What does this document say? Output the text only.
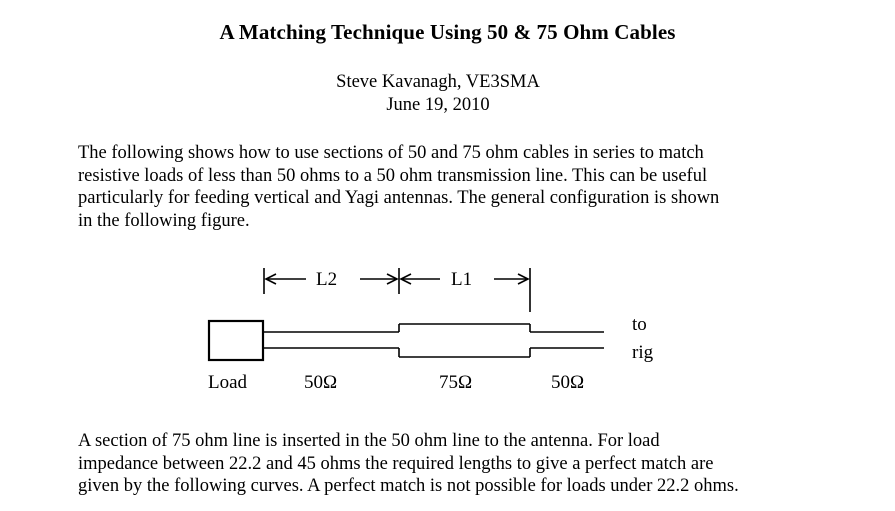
A Matching Technique Using 50 & 75 Ohm Cables
Steve Kavanagh, VE3SMA
June 19, 2010
The following shows how to use sections of 50 and 75 ohm cables in series to match
resistive loads of less than 50 ohms to a 50 ohm transmission line. This can be useful
particularly for feeding vertical and Yagi antennas. The general configuration is shown
in the following figure.
L2	L1
Load	50Ω	75Ω	50Ω
to
rig
A section of 75 ohm line is inserted in the 50 ohm line to the antenna. For load
impedance between 22.2 and 45 ohms the required lengths to give a perfect match are
given by the following curves. A perfect match is not possible for loads under 22.2 ohms.
